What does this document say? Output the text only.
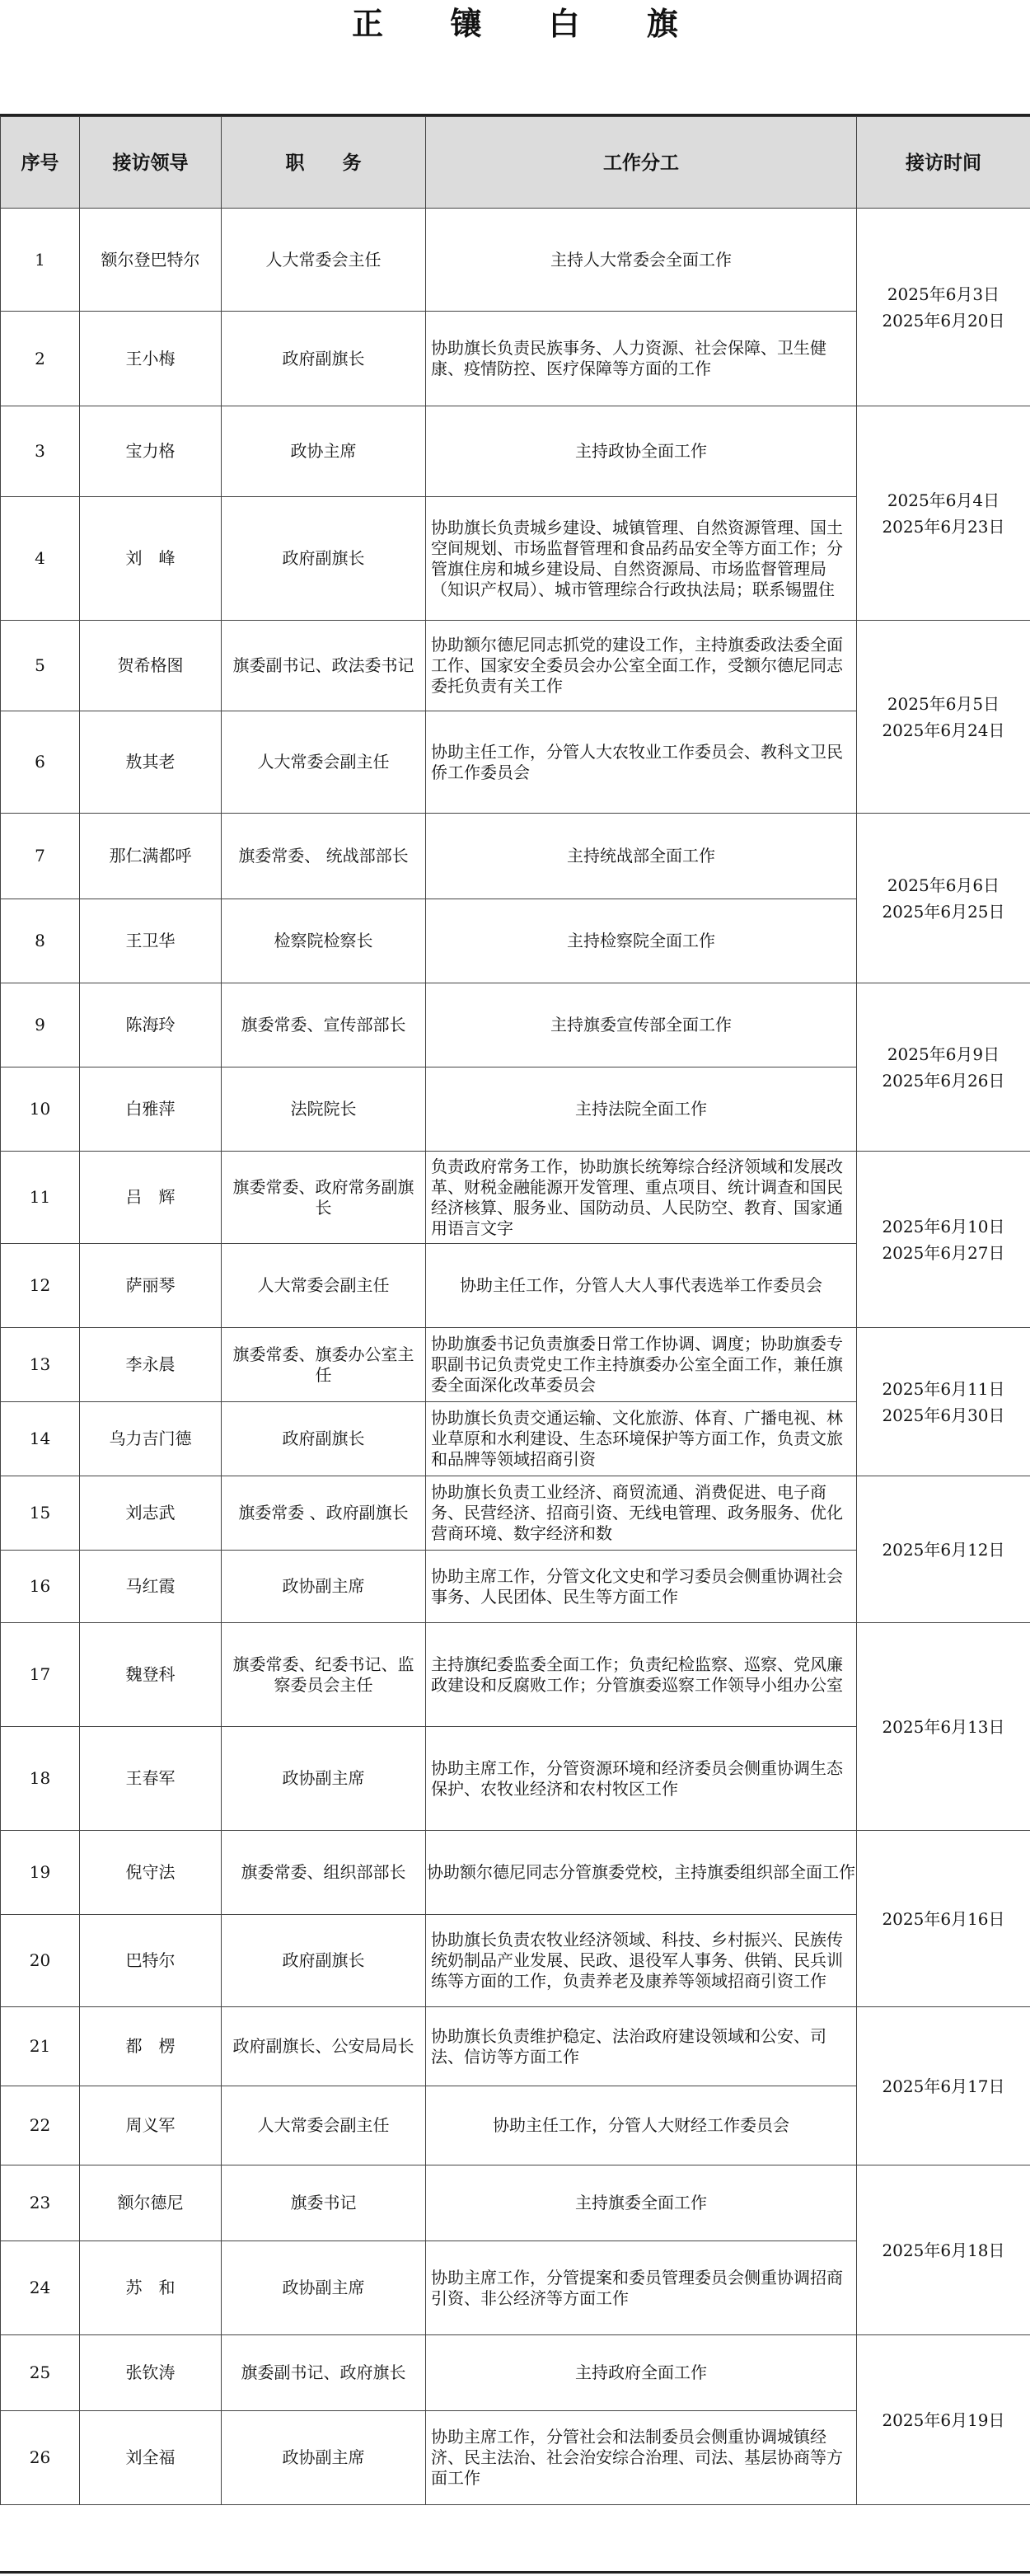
正 镶 白 旗
序号	接访领导	职　　务	工作分工	接访时间

1	额尔登巴特尔	人大常委会主任	主持人大常委会全面工作	2025年6月3日
2025年6月20日

2	王小梅	政府副旗长	协助旗长负责民族事务、人力资源、社会保障、卫生健康、疫情防控、医疗保障等方面的工作	

3	宝力格	政协主席	主持政协全面工作	2025年6月4日
2025年6月23日

4	刘　峰	政府副旗长	协助旗长负责城乡建设、城镇管理、自然资源管理、国土空间规划、市场监督管理和食品药品安全等方面工作；分管旗住房和城乡建设局、自然资源局、市场监督管理局（知识产权局）、城市管理综合行政执法局；联系锡盟住	

5	贺希格图	旗委副书记、政法委书记	协助额尔德尼同志抓党的建设工作，主持旗委政法委全面工作、国家安全委员会办公室全面工作，受额尔德尼同志委托负责有关工作	2025年6月5日
2025年6月24日

6	敖其老	人大常委会副主任	协助主任工作，分管人大农牧业工作委员会、教科文卫民侨工作委员会	

7	那仁满都呼	旗委常委、 统战部部长	主持统战部全面工作	2025年6月6日
2025年6月25日

8	王卫华	检察院检察长	主持检察院全面工作	

9	陈海玲	旗委常委、宣传部部长	主持旗委宣传部全面工作	2025年6月9日
2025年6月26日

10	白雅萍	法院院长	主持法院全面工作	

11	吕　辉	旗委常委、政府常务副旗长	负责政府常务工作，协助旗长统筹综合经济领域和发展改革、财税金融能源开发管理、重点项目、统计调查和国民经济核算、服务业、国防动员、人民防空、教育、国家通用语言文字	2025年6月10日
2025年6月27日

12	萨丽琴	人大常委会副主任	协助主任工作，分管人大人事代表选举工作委员会	

13	李永晨	旗委常委、旗委办公室主任	协助旗委书记负责旗委日常工作协调、调度；协助旗委专职副书记负责党史工作主持旗委办公室全面工作，兼任旗委全面深化改革委员会	2025年6月11日
2025年6月30日

14	乌力吉门德	政府副旗长	协助旗长负责交通运输、文化旅游、体育、广播电视、林业草原和水利建设、生态环境保护等方面工作，负责文旅和品牌等领域招商引资	

15	刘志武	旗委常委 、政府副旗长	协助旗长负责工业经济、商贸流通、消费促进、电子商务、民营经济、招商引资、无线电管理、政务服务、优化营商环境、数字经济和数	2025年6月12日

16	马红霞	政协副主席	协助主席工作，分管文化文史和学习委员会侧重协调社会事务、人民团体、民生等方面工作	

17	魏登科	旗委常委、纪委书记、监察委员会主任	主持旗纪委监委全面工作；负责纪检监察、巡察、党风廉政建设和反腐败工作；分管旗委巡察工作领导小组办公室	2025年6月13日

18	王春军	政协副主席	协助主席工作，分管资源环境和经济委员会侧重协调生态保护、农牧业经济和农村牧区工作	

19	倪守法	旗委常委、组织部部长	协助额尔德尼同志分管旗委党校，主持旗委组织部全面工作	2025年6月16日

20	巴特尔	政府副旗长	协助旗长负责农牧业经济领域、科技、乡村振兴、民族传统奶制品产业发展、民政、退役军人事务、供销、民兵训练等方面的工作，负责养老及康养等领域招商引资工作	

21	都　楞	政府副旗长、公安局局长	协助旗长负责维护稳定、法治政府建设领域和公安、司法、信访等方面工作	2025年6月17日

22	周义军	人大常委会副主任	协助主任工作，分管人大财经工作委员会	

23	额尔德尼	旗委书记	主持旗委全面工作	2025年6月18日

24	苏　和	政协副主席	协助主席工作，分管提案和委员管理委员会侧重协调招商引资、非公经济等方面工作	

25	张钦涛	旗委副书记、政府旗长	主持政府全面工作	2025年6月19日

26	刘全福	政协副主席	协助主席工作，分管社会和法制委员会侧重协调城镇经济、民主法治、社会治安综合治理、司法、基层协商等方面工作	
